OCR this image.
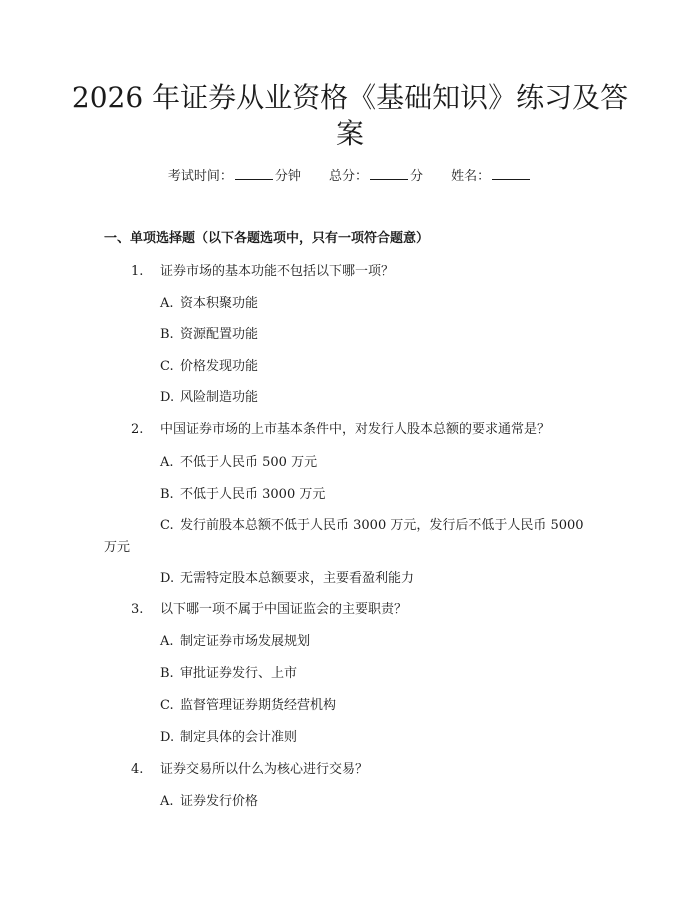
2026 年证券从业资格《基础知识》练习及答
案
考试时间：	分钟 总分：	分 姓名：
一、单项选择题（以下各题选项中，只有一项符合题意）
1. 证券市场的基本功能不包括以下哪一项？
A. 资本积聚功能
B. 资源配置功能
C. 价格发现功能
D. 风险制造功能
2. 中国证券市场的上市基本条件中，对发行人股本总额的要求通常是？
A. 不低于人民币 500 万元
B. 不低于人民币 3000 万元
C. 发行前股本总额不低于人民币 3000 万元，发行后不低于人民币 5000
万元
D. 无需特定股本总额要求，主要看盈利能力
3. 以下哪一项不属于中国证监会的主要职责？
A. 制定证券市场发展规划
B. 审批证券发行、上市
C. 监督管理证券期货经营机构
D. 制定具体的会计准则
4. 证券交易所以什么为核心进行交易？
A. 证券发行价格
